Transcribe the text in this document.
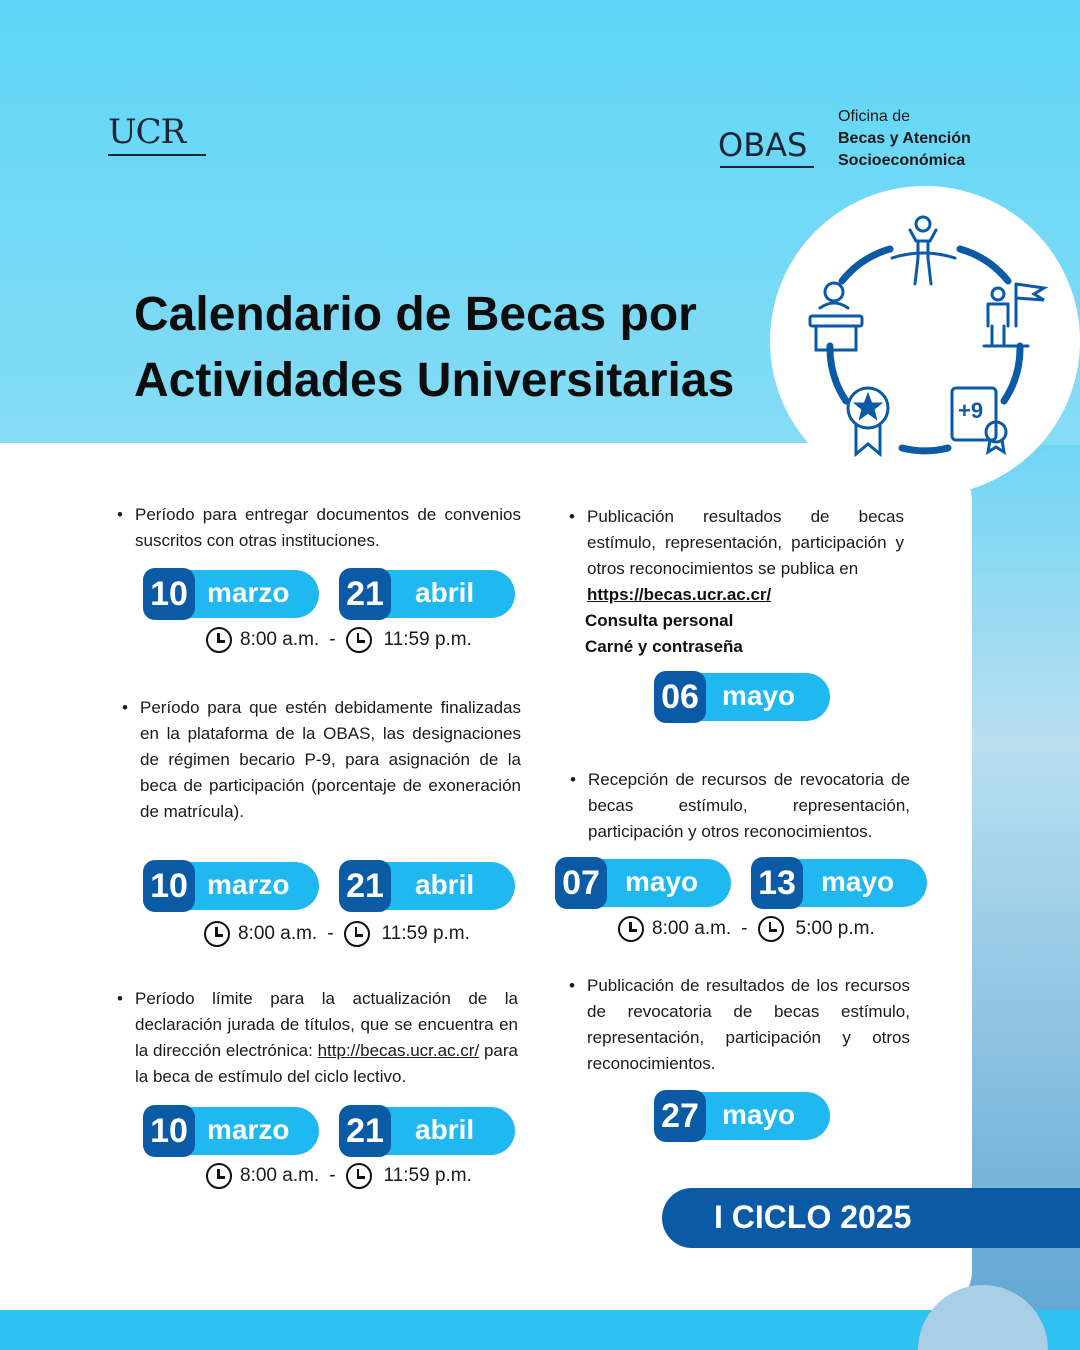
UCR	OBAS
Oficina de
Becas y Atención
Socioeconómica
Calendario de Becas por
Actividades Universitarias
+9
• Período para entregar documentos de convenios suscritos con otras instituciones.
10 marzo 21 abril
8:00 a.m. -	11:59 p.m.
• Período para que estén debidamente finalizadas en la plataforma de la OBAS, las designaciones de régimen becario P-9, para asignación de la beca de participación (porcentaje de exoneración de matrícula).
10 marzo 21 abril
8:00 a.m. -	11:59 p.m.
• Período límite para la actualización de la declaración jurada de títulos, que se encuentra en la dirección electrónica: http://becas.ucr.ac.cr/ para la beca de estímulo del ciclo lectivo.
10 marzo 21 abril
8:00 a.m. -	11:59 p.m.
• Publicación resultados de becas estímulo, representación, participación y otros reconocimientos se publica en
https://becas.ucr.ac.cr/
Consulta personal
Carné y contraseña
06 mayo
• Recepción de recursos de revocatoria de becas estímulo, representación, participación y otros reconocimientos.
07 mayo 13 mayo
8:00 a.m. -	5:00 p.m.
• Publicación de resultados de los recursos de revocatoria de becas estímulo, representación, participación y otros reconocimientos.
27 mayo
I CICLO 2025
